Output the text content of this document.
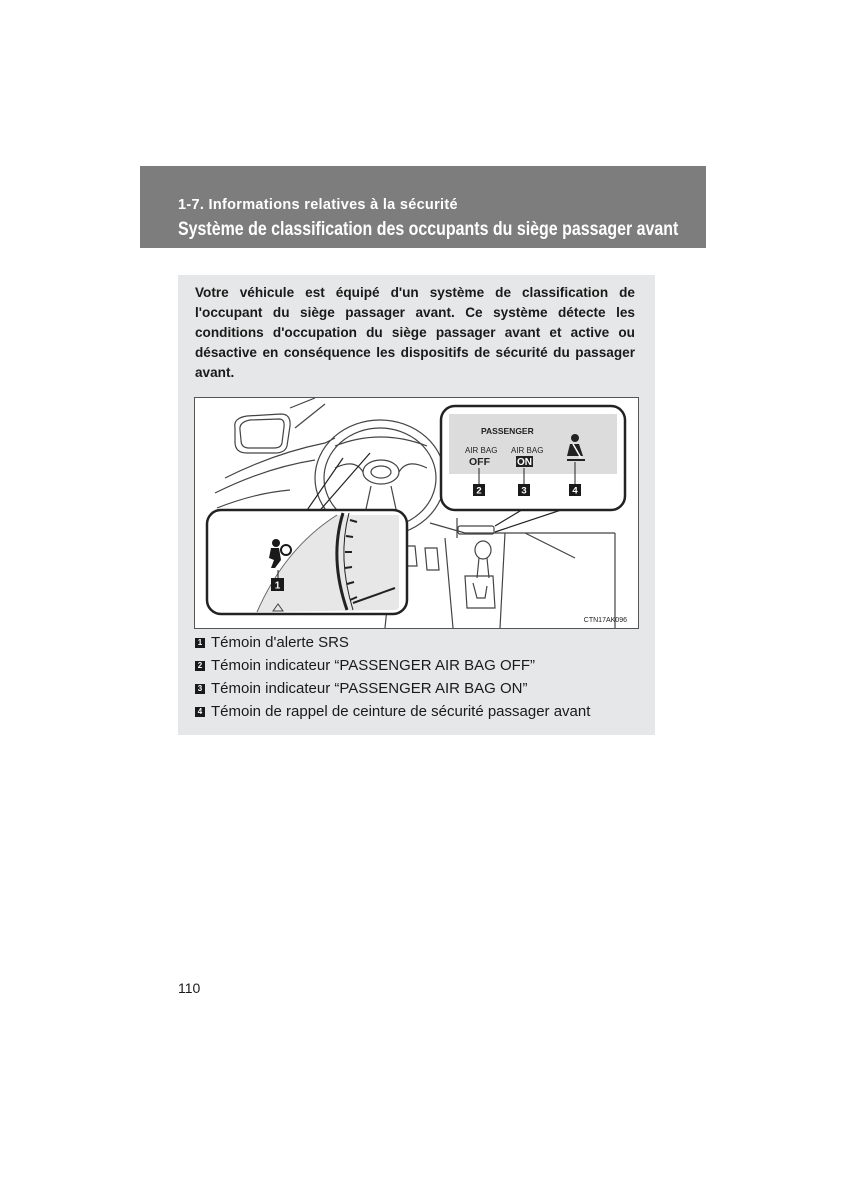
1-7. Informations relatives à la sécurité
Système de classification des occupants du siège passager avant

Votre véhicule est équipé d'un système de classification de l'occupant du siège passager avant. Ce système détecte les conditions d'occupation du siège passager avant et active ou désactive en conséquence les dispositifs de sécurité du passager avant.

1
PASSENGER
AIR BAG
OFF
AIR BAG
ON
2	3	4
CTN17AK096
1 Témoin d'alerte SRS
2 Témoin indicateur “PASSENGER AIR BAG OFF”
3 Témoin indicateur “PASSENGER AIR BAG ON”
4 Témoin de rappel de ceinture de sécurité passager avant
110
